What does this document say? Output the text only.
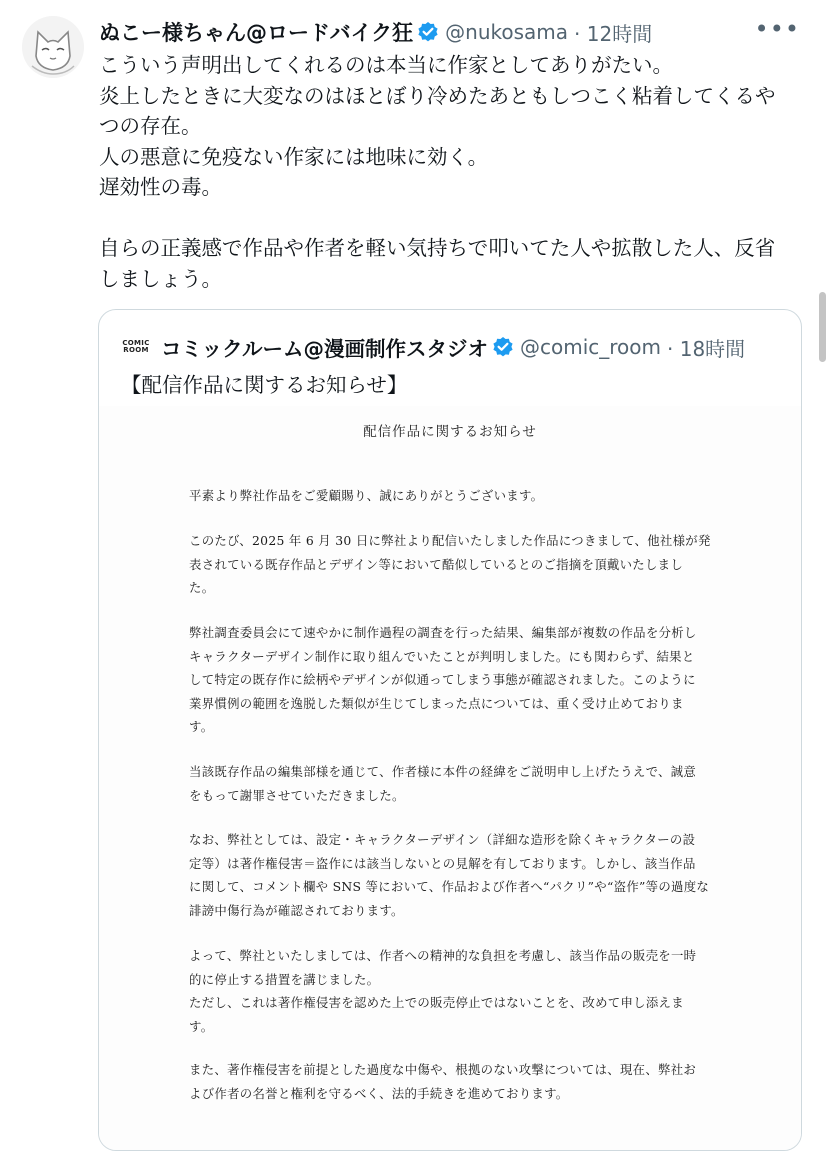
ぬこー様ちゃん@ロードバイク狂 @nukosama · 12時間	•••

こういう声明出してくれるのは本当に作家としてありがたい。

炎上したときに大変なのはほとぼり冷めたあともしつこく粘着してくるや

つの存在。

人の悪意に免疫ない作家には地味に効く。

遅効性の毒。

自らの正義感で作品や作者を軽い気持ちで叩いてた人や拡散した人、反省

しましょう。

COMIC
ROOM コミックルーム@漫画制作スタジオ @comic_room · 18時間
【配信作品に関するお知らせ】
配信作品に関するお知らせ

平素より弊社作品をご愛顧賜り、誠にありがとうございます。

このたび、2025 年 6 月 30 日に弊社より配信いたしました作品につきまして、他社様が発

表されている既存作品とデザイン等において酷似しているとのご指摘を頂戴いたしまし

た。

弊社調査委員会にて速やかに制作過程の調査を行った結果、編集部が複数の作品を分析し

キャラクターデザイン制作に取り組んでいたことが判明しました。にも関わらず、結果と

して特定の既存作に絵柄やデザインが似通ってしまう事態が確認されました。このように

業界慣例の範囲を逸脱した類似が生じてしまった点については、重く受け止めておりま

す。

当該既存作品の編集部様を通じて、作者様に本件の経緯をご説明申し上げたうえで、誠意

をもって謝罪させていただきました。

なお、弊社としては、設定・キャラクターデザイン（詳細な造形を除くキャラクターの設

定等）は著作権侵害＝盗作には該当しないとの見解を有しております。しかし、該当作品

に関して、コメント欄や SNS 等において、作品および作者へ“パクリ”や“盗作”等の過度な

誹謗中傷行為が確認されております。

よって、弊社といたしましては、作者への精神的な負担を考慮し、該当作品の販売を一時

的に停止する措置を講じました。

ただし、これは著作権侵害を認めた上での販売停止ではないことを、改めて申し添えま

す。

また、著作権侵害を前提とした過度な中傷や、根拠のない攻撃については、現在、弊社お

よび作者の名誉と権利を守るべく、法的手続きを進めております。
